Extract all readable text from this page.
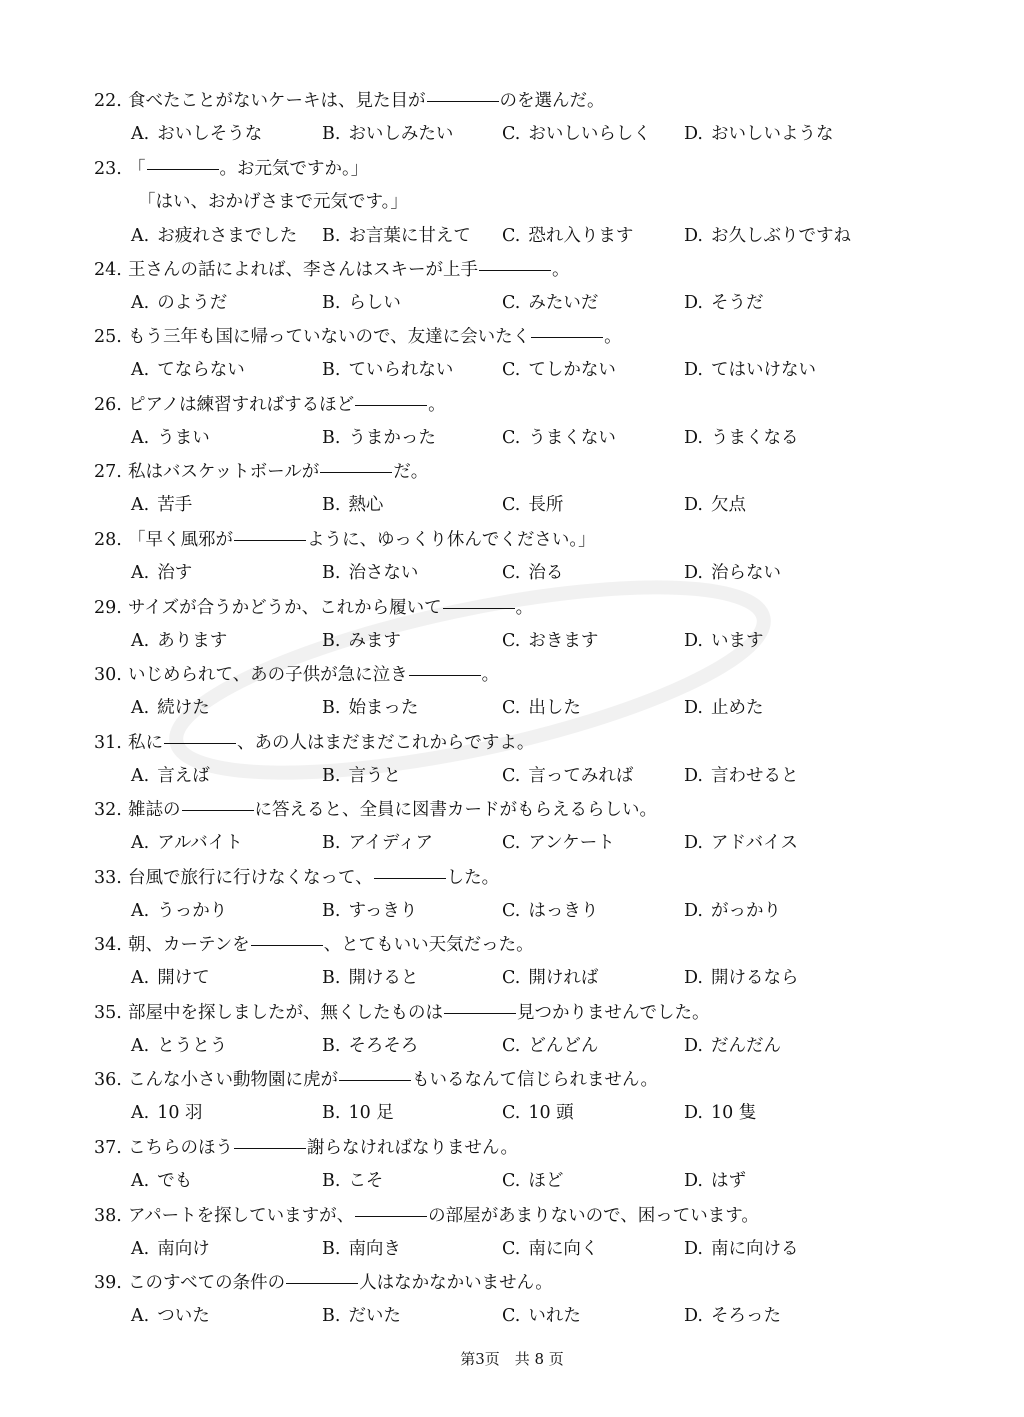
22. 食べたことがないケーキは、見た目が	のを選んだ。
A. おいしそうな	B. おいしみたい	C. おいしいらしく D. おいしいような
23. 「	。お元気ですか。」
「はい、おかげさまで元気です。」
A. お疲れさまでした B. お言葉に甘えて C. 恐れ入ります	D. お久しぶりですね
24. 王さんの話によれば、李さんはスキーが上手	。
A. のようだ	B. らしい	C. みたいだ	D. そうだ
25. もう三年も国に帰っていないので、友達に会いたく	。
A. てならない	B. ていられない	C. てしかない	D. てはいけない
26. ピアノは練習すればするほど	。
A. うまい	B. うまかった	C. うまくない	D. うまくなる
27. 私はバスケットボールが	だ。
A. 苦手	B. 熱心	C. 長所	D. 欠点
28. 「早く風邪が	ように、ゆっくり休んでください。」
A. 治す	B. 治さない	C. 治る	D. 治らない
29. サイズが合うかどうか、これから履いて	。
A. あります	B. みます	C. おきます	D. います
30. いじめられて、あの子供が急に泣き	。
A. 続けた	B. 始まった	C. 出した	D. 止めた
31. 私に	、あの人はまだまだこれからですよ。
A. 言えば	B. 言うと	C. 言ってみれば	D. 言わせると
32. 雑誌の	に答えると、全員に図書カードがもらえるらしい。
A. アルバイト	B. アイディア	C. アンケート	D. アドバイス
33. 台風で旅行に行けなくなって、	した。
A. うっかり	B. すっきり	C. はっきり	D. がっかり
34. 朝、カーテンを	、とてもいい天気だった。
A. 開けて	B. 開けると	C. 開ければ	D. 開けるなら
35. 部屋中を探しましたが、無くしたものは	見つかりませんでした。
A. とうとう	B. そろそろ	C. どんどん	D. だんだん
36. こんな小さい動物園に虎が	もいるなんて信じられません。
A. 10 羽	B. 10 足	C. 10 頭	D. 10 隻
37. こちらのほう	謝らなければなりません。
A. でも	B. こそ	C. ほど	D. はず
38. アパートを探していますが、	の部屋があまりないので、困っています。
A. 南向け	B. 南向き	C. 南に向く	D. 南に向ける
39. このすべての条件の	人はなかなかいません。
A. ついた	B. だいた	C. いれた	D. そろった
第3页　共 8 页
